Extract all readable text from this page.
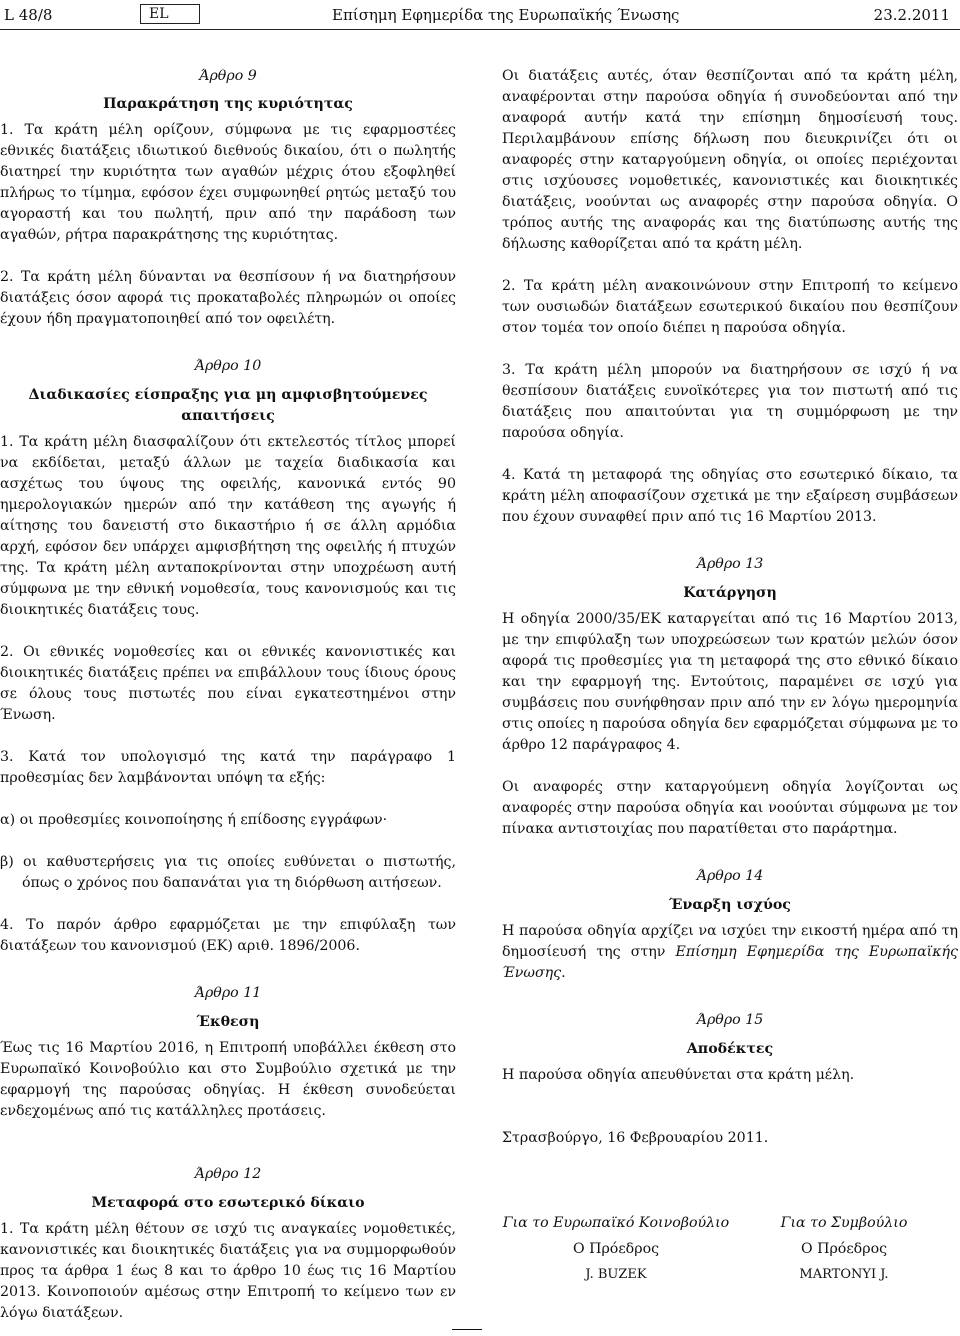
L 48/8	EL	Επίσημη Εφημερίδα της Ευρωπαϊκής Ένωσης	23.2.2011

Άρθρο 9

Παρακράτηση της κυριότητας

1. Τα κράτη μέλη ορίζουν, σύμφωνα με τις εφαρμοστέες εθνικές διατάξεις ιδιωτικού διεθνούς δικαίου, ότι ο πωλητής διατηρεί την κυριότητα των αγαθών μέχρις ότου εξοφληθεί πλήρως το τίμημα, εφόσον έχει συμφωνηθεί ρητώς μεταξύ του αγοραστή και του πωλητή, πριν από την παράδοση των αγαθών, ρήτρα παρακράτησης της κυριότητας.

2. Τα κράτη μέλη δύνανται να θεσπίσουν ή να διατηρήσουν διατάξεις όσον αφορά τις προκαταβολές πληρωμών οι οποίες έχουν ήδη πραγματοποιηθεί από τον οφειλέτη.

Άρθρο 10

Διαδικασίες είσπραξης για μη αμφισβητούμενες απαιτήσεις

1. Τα κράτη μέλη διασφαλίζουν ότι εκτελεστός τίτλος μπορεί να εκδίδεται, μεταξύ άλλων με ταχεία διαδικασία και ασχέτως του ύψους της οφειλής, κανονικά εντός 90 ημερολογιακών ημερών από την κατάθεση της αγωγής ή αίτησης του δανειστή στο δικαστήριο ή σε άλλη αρμόδια αρχή, εφόσον δεν υπάρχει αμφισβήτηση της οφειλής ή πτυχών της. Τα κράτη μέλη ανταποκρίνονται στην υποχρέωση αυτή σύμφωνα με την εθνική νομοθεσία, τους κανονισμούς και τις διοικητικές διατάξεις τους.

2. Οι εθνικές νομοθεσίες και οι εθνικές κανονιστικές και διοικητικές διατάξεις πρέπει να επιβάλλουν τους ίδιους όρους σε όλους τους πιστωτές που είναι εγκατεστημένοι στην Ένωση.

3. Κατά τον υπολογισμό της κατά την παράγραφο 1 προθεσμίας δεν λαμβάνονται υπόψη τα εξής:

α) οι προθεσμίες κοινοποίησης ή επίδοσης εγγράφων·

β) οι καθυστερήσεις για τις οποίες ευθύνεται ο πιστωτής, όπως ο χρόνος που δαπανάται για τη διόρθωση αιτήσεων.

4. Το παρόν άρθρο εφαρμόζεται με την επιφύλαξη των διατάξεων του κανονισμού (ΕΚ) αριθ. 1896/2006.

Άρθρο 11

Έκθεση

Έως τις 16 Μαρτίου 2016, η Επιτροπή υποβάλλει έκθεση στο Ευρωπαϊκό Κοινοβούλιο και στο Συμβούλιο σχετικά με την εφαρμογή της παρούσας οδηγίας. Η έκθεση συνοδεύεται ενδεχομένως από τις κατάλληλες προτάσεις.

Άρθρο 12

Μεταφορά στο εσωτερικό δίκαιο

1. Τα κράτη μέλη θέτουν σε ισχύ τις αναγκαίες νομοθετικές, κανονιστικές και διοικητικές διατάξεις για να συμμορφωθούν προς τα άρθρα 1 έως 8 και το άρθρο 10 έως τις 16 Μαρτίου 2013. Κοινοποιούν αμέσως στην Επιτροπή το κείμενο των εν λόγω διατάξεων.

Οι διατάξεις αυτές, όταν θεσπίζονται από τα κράτη μέλη, αναφέρονται στην παρούσα οδηγία ή συνοδεύονται από την αναφορά αυτήν κατά την επίσημη δημοσίευσή τους. Περιλαμβάνουν επίσης δήλωση που διευκρινίζει ότι οι αναφορές στην καταργούμενη οδηγία, οι οποίες περιέχονται στις ισχύουσες νομοθετικές, κανονιστικές και διοικητικές διατάξεις, νοούνται ως αναφορές στην παρούσα οδηγία. Ο τρόπος αυτής της αναφοράς και της διατύπωσης αυτής της δήλωσης καθορίζεται από τα κράτη μέλη.

2. Τα κράτη μέλη ανακοινώνουν στην Επιτροπή το κείμενο των ουσιωδών διατάξεων εσωτερικού δικαίου που θεσπίζουν στον τομέα τον οποίο διέπει η παρούσα οδηγία.

3. Τα κράτη μέλη μπορούν να διατηρήσουν σε ισχύ ή να θεσπίσουν διατάξεις ευνοϊκότερες για τον πιστωτή από τις διατάξεις που απαιτούνται για τη συμμόρφωση με την παρούσα οδηγία.

4. Κατά τη μεταφορά της οδηγίας στο εσωτερικό δίκαιο, τα κράτη μέλη αποφασίζουν σχετικά με την εξαίρεση συμβάσεων που έχουν συναφθεί πριν από τις 16 Μαρτίου 2013.

Άρθρο 13

Κατάργηση

Η οδηγία 2000/35/ΕΚ καταργείται από τις 16 Μαρτίου 2013, με την επιφύλαξη των υποχρεώσεων των κρατών μελών όσον αφορά τις προθεσμίες για τη μεταφορά της στο εθνικό δίκαιο και την εφαρμογή της. Εντούτοις, παραμένει σε ισχύ για συμβάσεις που συνήφθησαν πριν από την εν λόγω ημερομηνία στις οποίες η παρούσα οδηγία δεν εφαρμόζεται σύμφωνα με το άρθρο 12 παράγραφος 4.

Οι αναφορές στην καταργούμενη οδηγία λογίζονται ως αναφορές στην παρούσα οδηγία και νοούνται σύμφωνα με τον πίνακα αντιστοιχίας που παρατίθεται στο παράρτημα.

Άρθρο 14

Έναρξη ισχύος

Η παρούσα οδηγία αρχίζει να ισχύει την εικοστή ημέρα από τη δημοσίευσή της στην Επίσημη Εφημερίδα της Ευρωπαϊκής Ένωσης.

Άρθρο 15

Αποδέκτες

Η παρούσα οδηγία απευθύνεται στα κράτη μέλη.

Στρασβούργο, 16 Φεβρουαρίου 2011.
Για το Ευρωπαϊκό Κοινοβούλιο
Ο Πρόεδρος
J. BUZEK
Για το Συμβούλιο
Ο Πρόεδρος
MARTONYI J.
